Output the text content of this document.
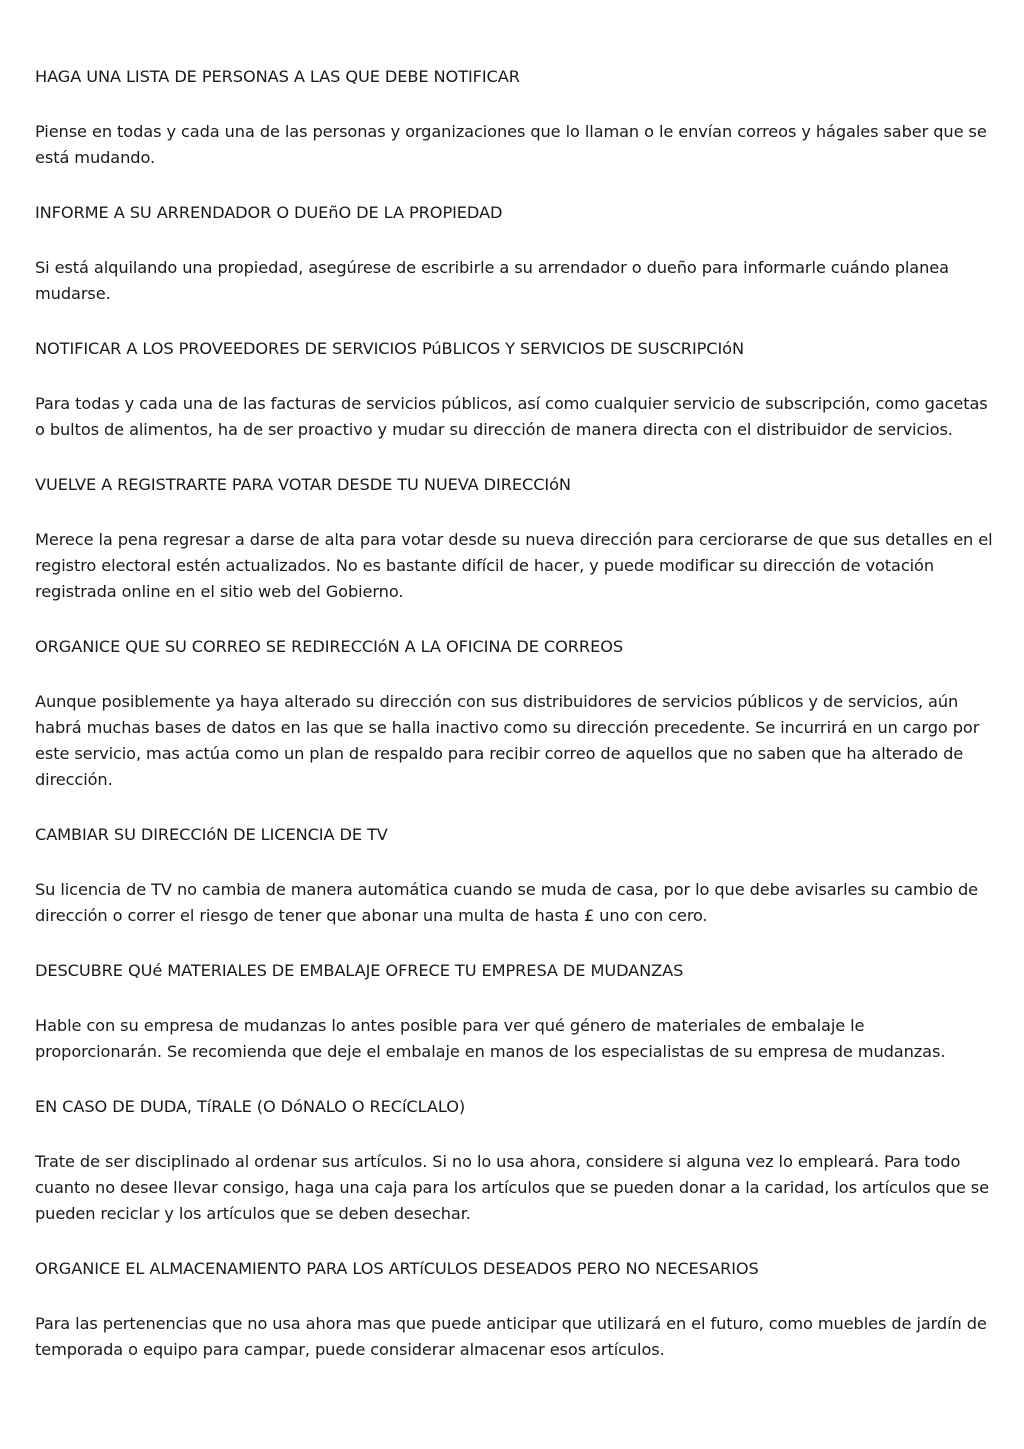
HAGA UNA LISTA DE PERSONAS A LAS QUE DEBE NOTIFICAR

Piense en todas y cada una de las personas y organizaciones que lo llaman o le envían correos y hágales saber que se está mudando.

INFORME A SU ARRENDADOR O DUEñO DE LA PROPIEDAD

Si está alquilando una propiedad, asegúrese de escribirle a su arrendador o dueño para informarle cuándo planea mudarse.

NOTIFICAR A LOS PROVEEDORES DE SERVICIOS PúBLICOS Y SERVICIOS DE SUSCRIPCIóN

Para todas y cada una de las facturas de servicios públicos, así como cualquier servicio de subscripción, como gacetas o bultos de alimentos, ha de ser proactivo y mudar su dirección de manera directa con el distribuidor de servicios.

VUELVE A REGISTRARTE PARA VOTAR DESDE TU NUEVA DIRECCIóN

Merece la pena regresar a darse de alta para votar desde su nueva dirección para cerciorarse de que sus detalles en el registro electoral estén actualizados. No es bastante difícil de hacer, y puede modificar su dirección de votación registrada online en el sitio web del Gobierno.

ORGANICE QUE SU CORREO SE REDIRECCIóN A LA OFICINA DE CORREOS

Aunque posiblemente ya haya alterado su dirección con sus distribuidores de servicios públicos y de servicios, aún habrá muchas bases de datos en las que se halla inactivo como su dirección precedente. Se incurrirá en un cargo por este servicio, mas actúa como un plan de respaldo para recibir correo de aquellos que no saben que ha alterado de dirección.

CAMBIAR SU DIRECCIóN DE LICENCIA DE TV

Su licencia de TV no cambia de manera automática cuando se muda de casa, por lo que debe avisarles su cambio de dirección o correr el riesgo de tener que abonar una multa de hasta £ uno con cero.

DESCUBRE QUé MATERIALES DE EMBALAJE OFRECE TU EMPRESA DE MUDANZAS

Hable con su empresa de mudanzas lo antes posible para ver qué género de materiales de embalaje le proporcionarán. Se recomienda que deje el embalaje en manos de los especialistas de su empresa de mudanzas.

EN CASO DE DUDA, TíRALE (O DóNALO O RECíCLALO)

Trate de ser disciplinado al ordenar sus artículos. Si no lo usa ahora, considere si alguna vez lo empleará. Para todo cuanto no desee llevar consigo, haga una caja para los artículos que se pueden donar a la caridad, los artículos que se pueden reciclar y los artículos que se deben desechar.

ORGANICE EL ALMACENAMIENTO PARA LOS ARTíCULOS DESEADOS PERO NO NECESARIOS

Para las pertenencias que no usa ahora mas que puede anticipar que utilizará en el futuro, como muebles de jardín de temporada o equipo para campar, puede considerar almacenar esos artículos.
